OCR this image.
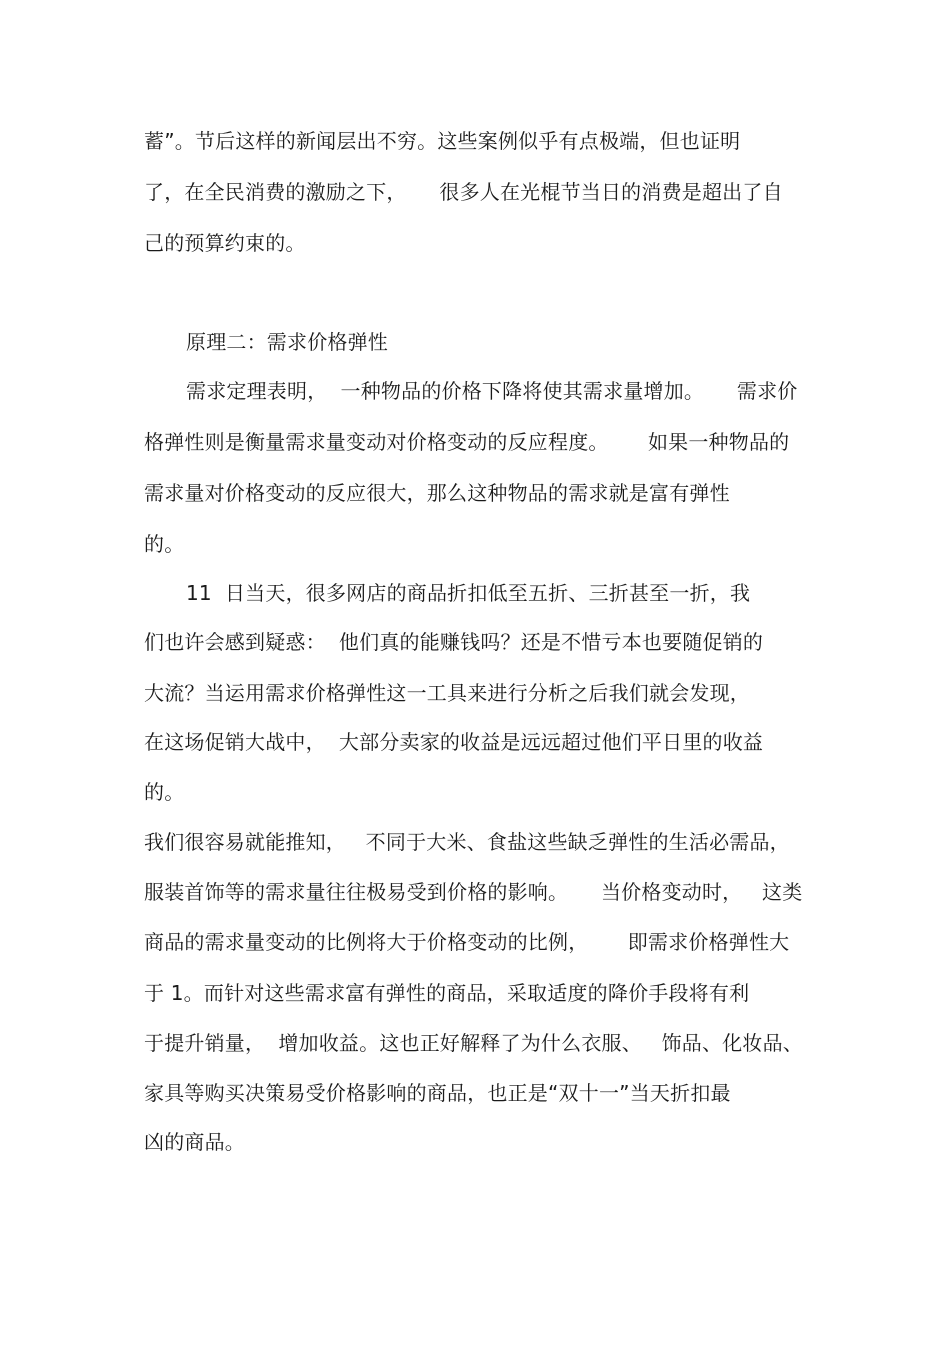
蓄”。节后这样的新闻层出不穷。这些案例似乎有点极端，但也证明

了，在全民消费的激励之下，     很多人在光棍节当日的消费是超出了自

己的预算约束的。

原理二：需求价格弹性

需求定理表明，  一种物品的价格下降将使其需求量增加。     需求价

格弹性则是衡量需求量变动对价格变动的反应程度。      如果一种物品的

需求量对价格变动的反应很大，那么这种物品的需求就是富有弹性

的。

11  日当天，很多网店的商品折扣低至五折、三折甚至一折，我

们也许会感到疑惑：  他们真的能赚钱吗？还是不惜亏本也要随促销的

大流？当运用需求价格弹性这一工具来进行分析之后我们就会发现，

在这场促销大战中，  大部分卖家的收益是远远超过他们平日里的收益

的。

我们很容易就能推知，   不同于大米、食盐这些缺乏弹性的生活必需品，

服装首饰等的需求量往往极易受到价格的影响。     当价格变动时，   这类

商品的需求量变动的比例将大于价格变动的比例，      即需求价格弹性大

于 1。而针对这些需求富有弹性的商品，采取适度的降价手段将有利

于提升销量，  增加收益。这也正好解释了为什么衣服、   饰品、化妆品、

家具等购买决策易受价格影响的商品，也正是“双十一”当天折扣最

凶的商品。
